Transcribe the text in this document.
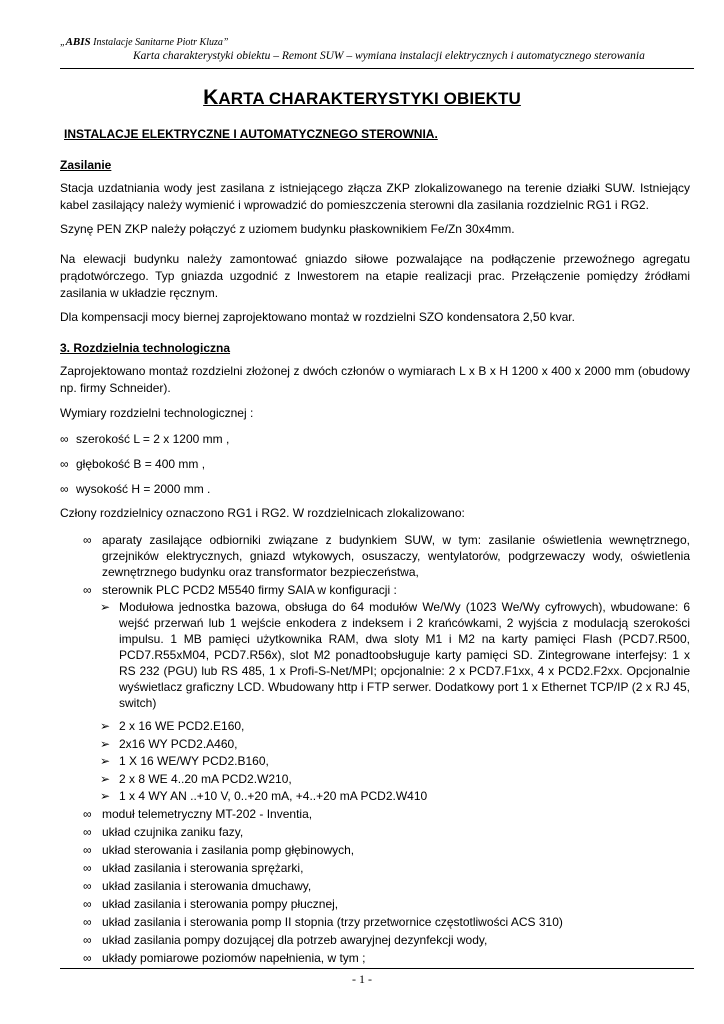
„ABIS Instalacje Sanitarne Piotr Kluza”
Karta charakterystyki obiektu – Remont SUW – wymiana instalacji elektrycznych i automatycznego sterowania
KARTA CHARAKTERYSTYKI OBIEKTU
INSTALACJE ELEKTRYCZNE I AUTOMATYCZNEGO STEROWNIA.
Zasilanie

Stacja uzdatniania wody jest zasilana z istniejącego złącza ZKP zlokalizowanego na terenie działki SUW. Istniejący kabel zasilający należy wymienić i wprowadzić do pomieszczenia sterowni dla zasilania rozdzielnic RG1 i RG2.

Szynę PEN ZKP należy połączyć z uziomem budynku płaskownikiem Fe/Zn 30x4mm.

Na elewacji budynku należy zamontować gniazdo siłowe pozwalające na podłączenie przewoźnego agregatu prądotwórczego. Typ gniazda uzgodnić z Inwestorem na etapie realizacji prac. Przełączenie pomiędzy źródłami zasilania w układzie ręcznym.

Dla kompensacji mocy biernej zaprojektowano montaż w rozdzielni SZO kondensatora 2,50 kvar.

3. Rozdzielnia technologiczna

Zaprojektowano montaż rozdzielni złożonej z dwóch członów o wymiarach L x B x H 1200 x 400 x 2000 mm (obudowy np. firmy Schneider).

Wymiary rozdzielni technologicznej :

∞ szerokość L = 2 x 1200 mm ,
∞ głębokość B = 400 mm ,
∞ wysokość H = 2000 mm .

Człony rozdzielnicy oznaczono RG1 i RG2. W rozdzielnicach zlokalizowano:

∞ aparaty zasilające odbiorniki związane z budynkiem SUW, w tym: zasilanie oświetlenia wewnętrznego, grzejników elektrycznych, gniazd wtykowych, osuszaczy, wentylatorów, podgrzewaczy wody, oświetlenia zewnętrznego budynku oraz transformator bezpieczeństwa,

∞ sterownik PLC PCD2 M5540 firmy SAIA w konfiguracji :

➢ Modułowa jednostka bazowa, obsługa do 64 modułów We/Wy (1023 We/Wy cyfrowych), wbudowane: 6 wejść przerwań lub 1 wejście enkodera z indeksem i 2 krańcówkami, 2 wyjścia z modulacją szerokości impulsu. 1 MB pamięci użytkownika RAM, dwa sloty M1 i M2 na karty pamięci Flash (PCD7.R500, PCD7.R55xM04, PCD7.R56x), slot M2 ponadtoobsługuje karty pamięci SD. Zintegrowane interfejsy: 1 x RS 232 (PGU) lub RS 485, 1 x Profi-S-Net/MPI; opcjonalnie: 2 x PCD7.F1xx, 4 x PCD2.F2xx. Opcjonalnie wyświetlacz graficzny LCD. Wbudowany http i FTP serwer. Dodatkowy port 1 x Ethernet TCP/IP (2 x RJ 45, switch)

➢ 2 x 16 WE PCD2.E160,

➢ 2x16 WY PCD2.A460,

➢ 1 X 16 WE/WY PCD2.B160,

➢ 2 x 8 WE 4..20 mA PCD2.W210,

➢ 1 x 4 WY AN ..+10 V, 0..+20 mA, +4..+20 mA PCD2.W410

∞ moduł telemetryczny MT-202 - Inventia,

∞ układ czujnika zaniku fazy,

∞ układ sterowania i zasilania pomp głębinowych,

∞ układ zasilania i sterowania sprężarki,

∞ układ zasilania i sterowania dmuchawy,

∞ układ zasilania i sterowania pompy płucznej,

∞ układ zasilania i sterowania pomp II stopnia (trzy przetwornice częstotliwości ACS 310)

∞ układ zasilania pompy dozującej dla potrzeb awaryjnej dezynfekcji wody,

∞ układy pomiarowe poziomów napełnienia, w tym ;

- 1 -
